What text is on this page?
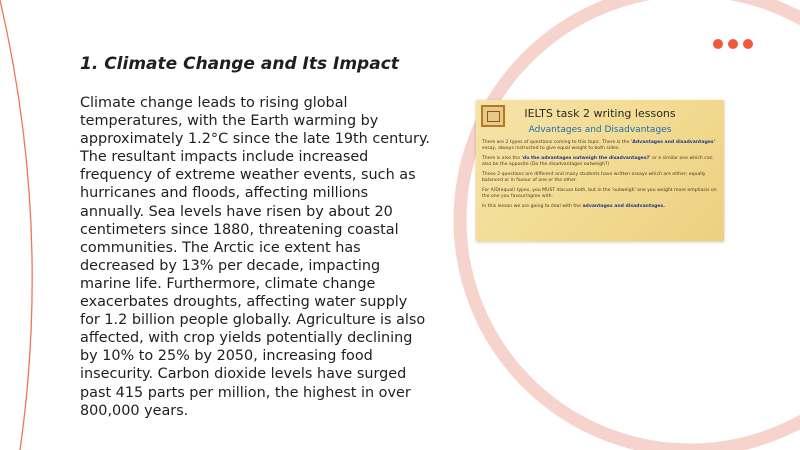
1. Climate Change and Its Impact

Climate change leads to rising global temperatures, with the Earth warming by approximately 1.2°C since the late 19th century. The resultant impacts include increased frequency of extreme weather events, such as hurricanes and floods, affecting millions annually. Sea levels have risen by about 20 centimeters since 1880, threatening coastal communities. The Arctic ice extent has decreased by 13% per decade, impacting marine life. Furthermore, climate change exacerbates droughts, affecting water supply for 1.2 billion people globally. Agriculture is also affected, with crop yields potentially declining by 10% to 25% by 2050, increasing food insecurity. Carbon dioxide levels have surged past 415 parts per million, the highest in over 800,000 years.

IELTS task 2 writing lessons
Advantages and Disadvantages

There are 2 types of questions coming to this topic. There is the 'Advantages and disadvantages' essay, always instructed to give equal weight to both sides.

There is also the 'do the advantages outweigh the disadvantages?' or a similar one which can also be the opposite (Do the disadvantages outweigh?)

These 2 questions are different and many students have written essays which are either; equally balanced or in favour of one or the other.

For A/D(equal) types, you MUST discuss both, but in the 'outweigh' one you weight more emphasis on the one you favour/agree with.

In this lesson we are going to deal with the advantages and disadvantages.
